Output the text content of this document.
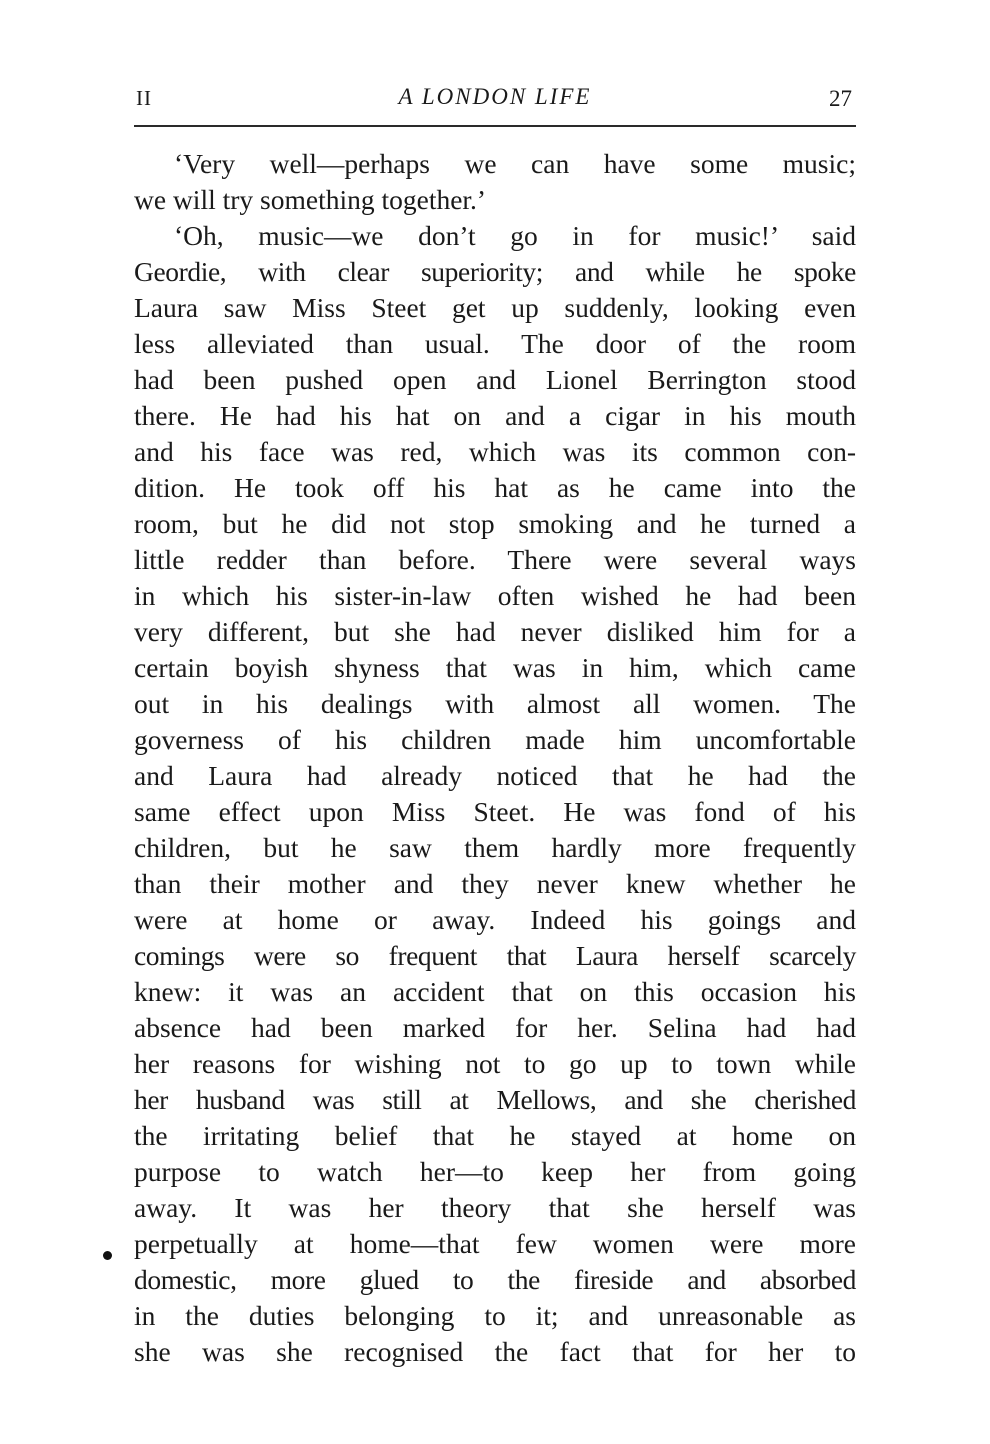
II	A LONDON LIFE	27
‘Very well—perhaps we can have some music;
we will try something together.’
‘Oh, music—we don’t go in for music!’ said
Geordie, with clear superiority; and while he spoke
Laura saw Miss Steet get up suddenly, looking even
less alleviated than usual. The door of the room
had been pushed open and Lionel Berrington stood
there. He had his hat on and a cigar in his mouth
and his face was red, which was its common con-
dition. He took off his hat as he came into the
room, but he did not stop smoking and he turned a
little redder than before. There were several ways
in which his sister-in-law often wished he had been
very different, but she had never disliked him for a
certain boyish shyness that was in him, which came
out in his dealings with almost all women. The
governess of his children made him uncomfortable
and Laura had already noticed that he had the
same effect upon Miss Steet. He was fond of his
children, but he saw them hardly more frequently
than their mother and they never knew whether he
were at home or away. Indeed his goings and
comings were so frequent that Laura herself scarcely
knew: it was an accident that on this occasion his
absence had been marked for her. Selina had had
her reasons for wishing not to go up to town while
her husband was still at Mellows, and she cherished
the irritating belief that he stayed at home on
purpose to watch her—to keep her from going
away. It was her theory that she herself was
perpetually at home—that few women were more
domestic, more glued to the fireside and absorbed
in the duties belonging to it; and unreasonable as
she was she recognised the fact that for her to
